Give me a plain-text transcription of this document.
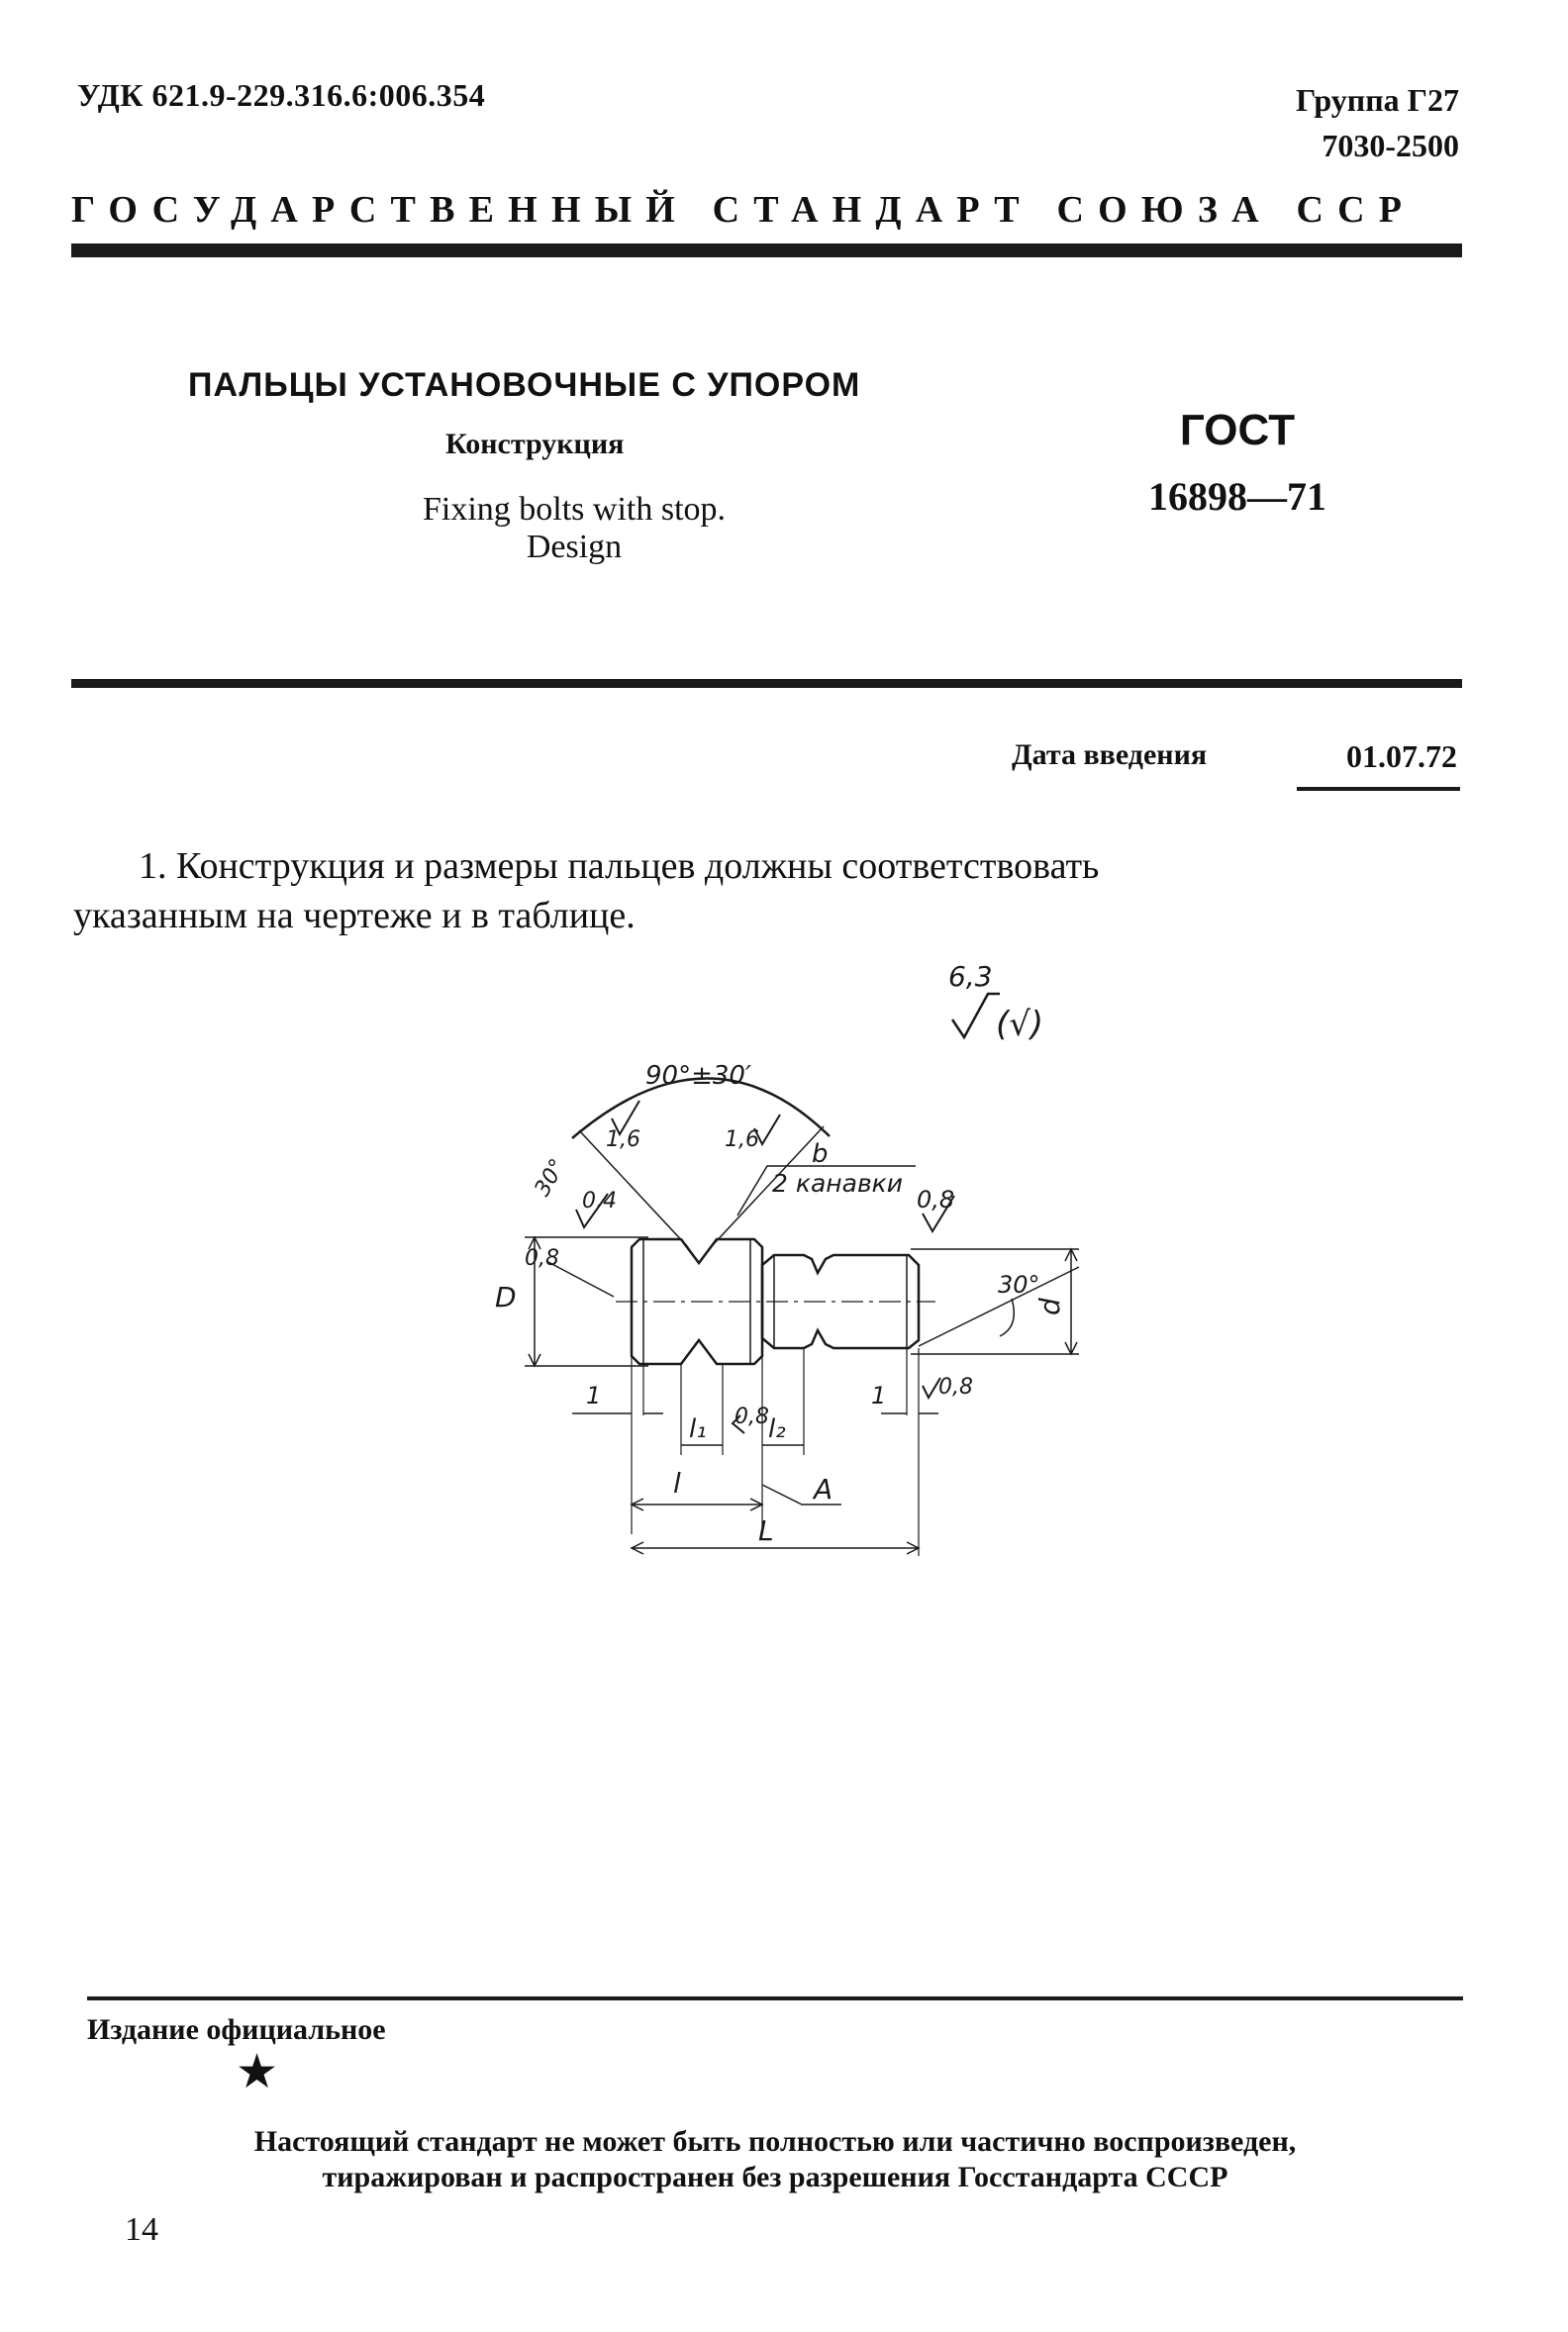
УДК 621.9-229.316.6:006.354	Группа Г27
7030-2500
ГОСУДАРСТВЕННЫЙ СТАНДАРТ СОЮЗА ССР
ПАЛЬЦЫ УСТАНОВОЧНЫЕ С УПОРОМ
Конструкция
Fixing bolts with stop.
Design
ГОСТ
16898—71
Дата введения	01.07.72
1. Конструкция и размеры пальцев должны соответствовать
указанным на чертеже и в таблице.
6,3
(√)
90°±30′
1,6	1,6 b
2 канавки
0,8
30°
0,4
0,8
D	d
30°
0,8
1
l₁ 0,8 l₂
1
l	A
L
Издание официальное
★
Настоящий стандарт не может быть полностью или частично воспроизведен,
тиражирован и распространен без разрешения Госстандарта СССР
14
